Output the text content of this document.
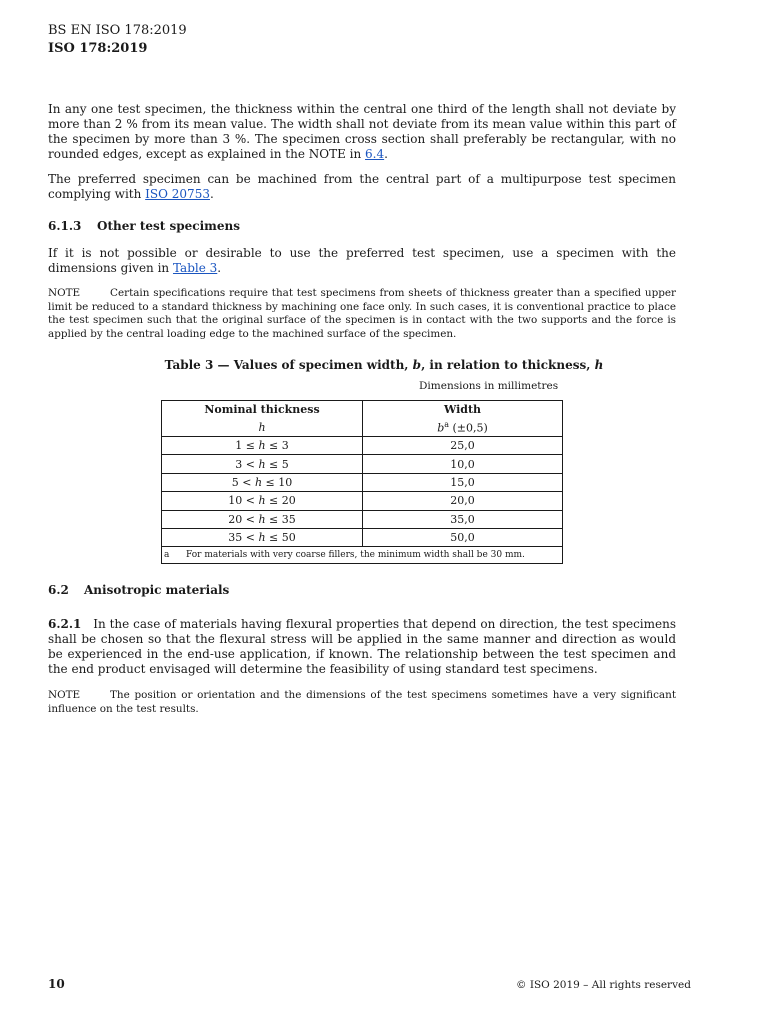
BS EN ISO 178:2019
ISO 178:2019
In any one test specimen, the thickness within the central one third of the length shall not deviate by more than 2 % from its mean value. The width shall not deviate from its mean value within this part of the specimen by more than 3 %. The specimen cross section shall preferably be rectangular, with no rounded edges, except as explained in the NOTE in 6.4.
The preferred specimen can be machined from the central part of a multipurpose test specimen complying with ISO 20753.
6.1.3 Other test specimens
If it is not possible or desirable to use the preferred test specimen, use a specimen with the dimensions given in Table 3.
NOTE	Certain specifications require that test specimens from sheets of thickness greater than a specified upper limit be reduced to a standard thickness by machining one face only. In such cases, it is conventional practice to place the test specimen such that the original surface of the specimen is in contact with the two supports and the force is applied by the central loading edge to the machined surface of the specimen.
Table 3 — Values of specimen width, b, in relation to thickness, h
Dimensions in millimetres
Nominal thickness	Width
h	$b^a$ (±0,5)
1 ≤ h ≤ 3	25,0
3 < h ≤ 5	10,0
5 < h ≤ 10	15,0
10 < h ≤ 20	20,0
20 < h ≤ 35	35,0
35 < h ≤ 50	50,0
a For materials with very coarse fillers, the minimum width shall be 30 mm.	
6.2 Anisotropic materials
6.2.1 In the case of materials having flexural properties that depend on direction, the test specimens shall be chosen so that the flexural stress will be applied in the same manner and direction as would be experienced in the end-use application, if known. The relationship between the test specimen and the end product envisaged will determine the feasibility of using standard test specimens.
NOTE	The position or orientation and the dimensions of the test specimens sometimes have a very significant influence on the test results.
10	© ISO 2019 – All rights reserved
